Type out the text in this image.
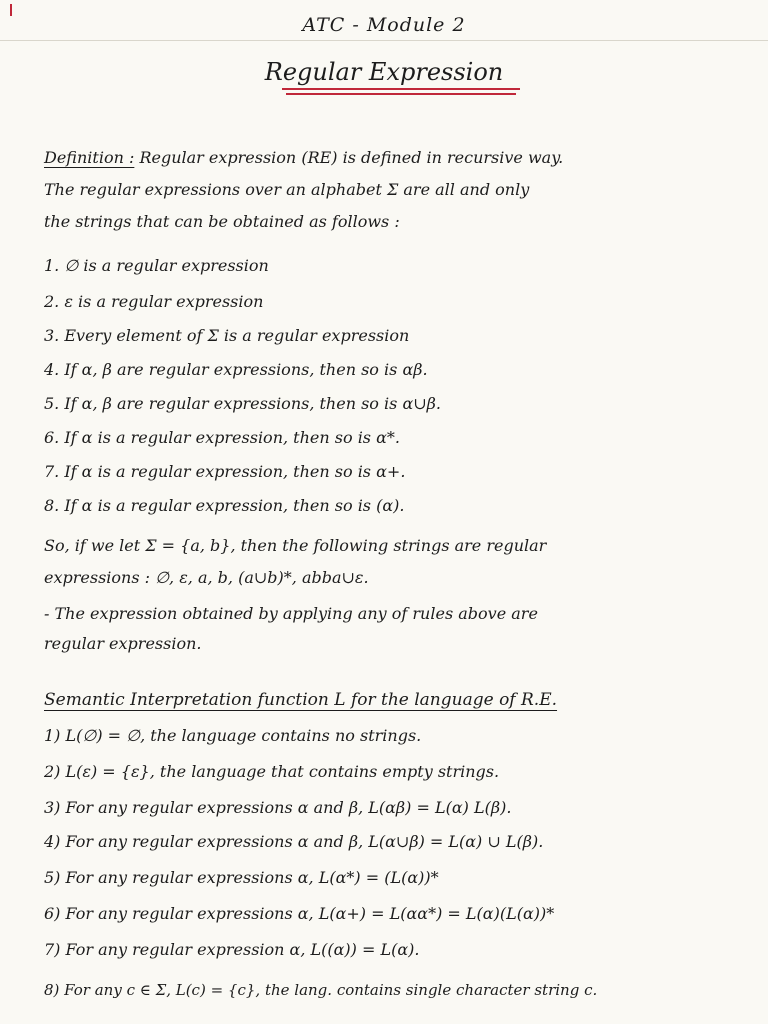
ATC - Module 2
Regular Expression
Definition : Regular expression (RE) is defined in recursive way.
The regular expressions over an alphabet Σ are all and only
the strings that can be obtained as follows :
1. ∅ is a regular expression
2. ε is a regular expression
3. Every element of Σ is a regular expression
4. If α, β are regular expressions, then so is αβ.
5. If α, β are regular expressions, then so is α∪β.
6. If α is a regular expression, then so is α*.
7. If α is a regular expression, then so is α+.
8. If α is a regular expression, then so is (α).
So, if we let Σ = {a, b}, then the following strings are regular
expressions : ∅, ε, a, b, (a∪b)*, abba∪ε.
- The expression obtained by applying any of rules above are
regular expression.
Semantic Interpretation function L for the language of R.E.
1) L(∅) = ∅, the language contains no strings.
2) L(ε) = {ε}, the language that contains empty strings.
3) For any regular expressions α and β, L(αβ) = L(α) L(β).
4) For any regular expressions α and β, L(α∪β) = L(α) ∪ L(β).
5) For any regular expressions α, L(α*) = (L(α))*
6) For any regular expressions α, L(α+) = L(αα*) = L(α)(L(α))*
7) For any regular expression α, L((α)) = L(α).
8) For any c ∈ Σ, L(c) = {c}, the lang. contains single character string c.
